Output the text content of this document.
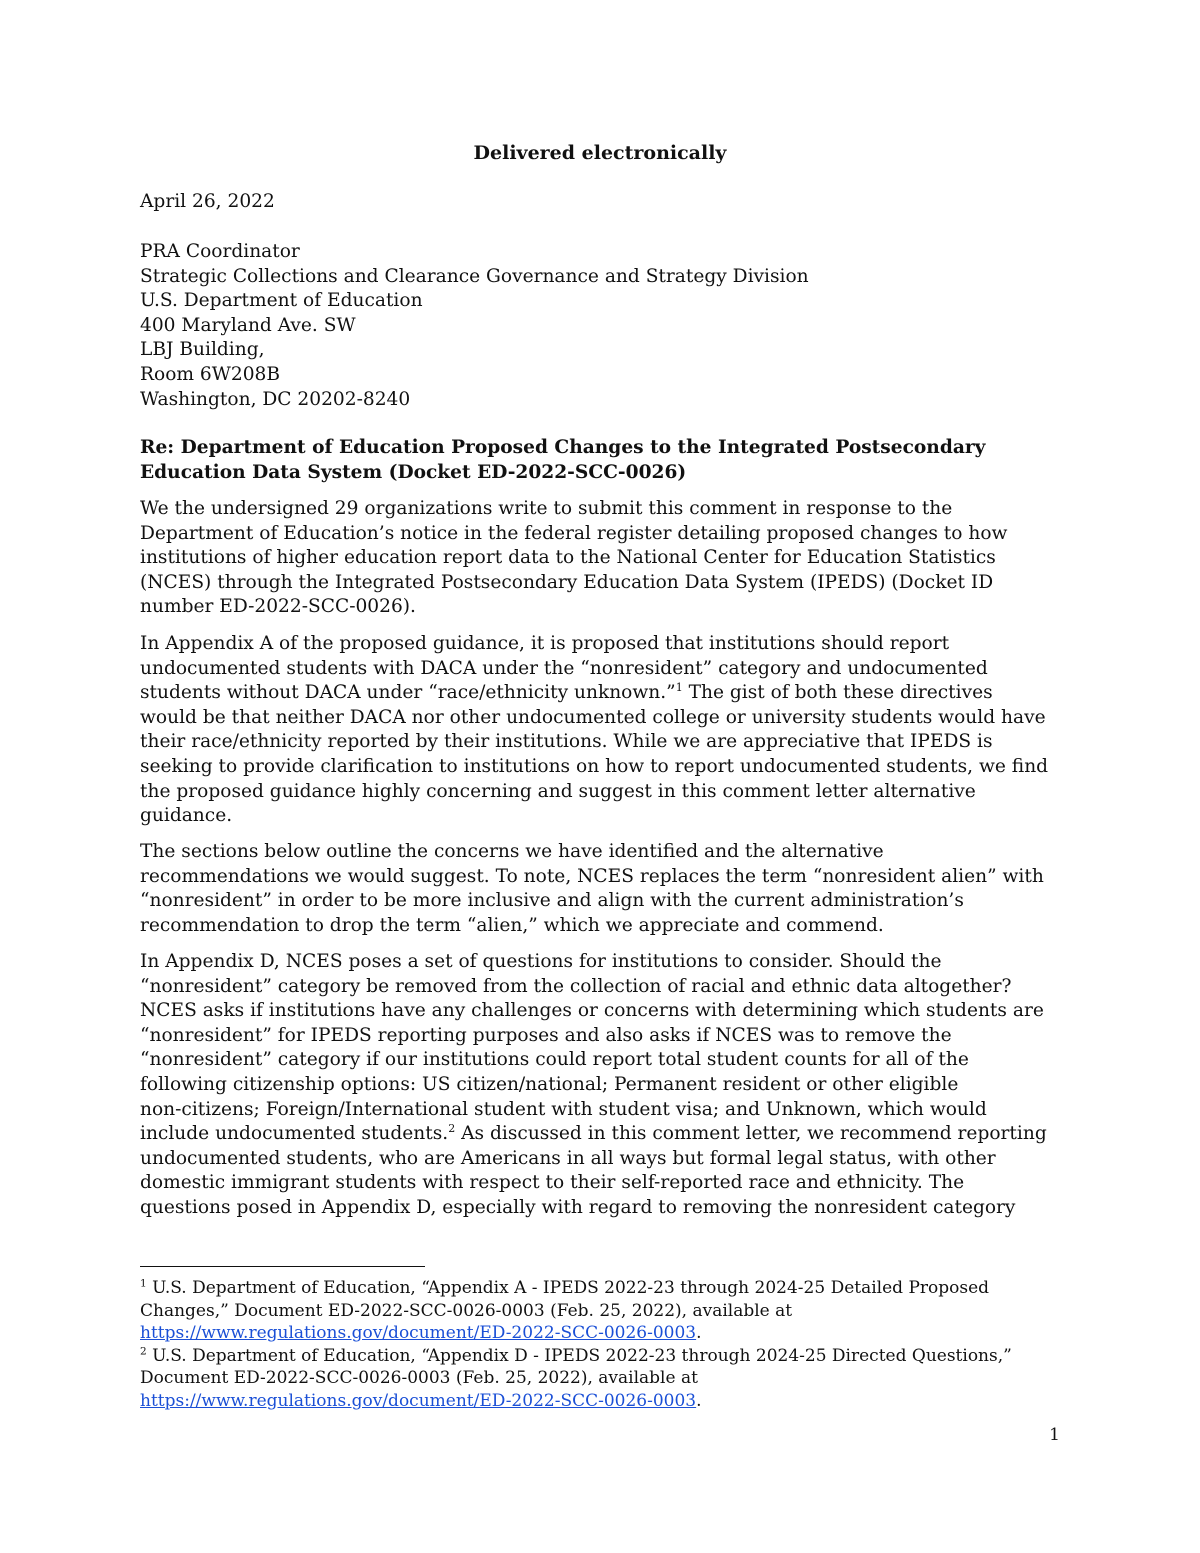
Delivered electronically
April 26, 2022
PRA Coordinator
Strategic Collections and Clearance Governance and Strategy Division
U.S. Department of Education
400 Maryland Ave. SW
LBJ Building,
Room 6W208B
Washington, DC 20202-8240
Re: Department of Education Proposed Changes to the Integrated Postsecondary
Education Data System (Docket ED-2022-SCC-0026)
We the undersigned 29 organizations write to submit this comment in response to the
Department of Education’s notice in the federal register detailing proposed changes to how
institutions of higher education report data to the National Center for Education Statistics
(NCES) through the Integrated Postsecondary Education Data System (IPEDS) (Docket ID
number ED-2022-SCC-0026).
In Appendix A of the proposed guidance, it is proposed that institutions should report
undocumented students with DACA under the “nonresident” category and undocumented
students without DACA under “race/ethnicity unknown.”$^1$ The gist of both these directives
would be that neither DACA nor other undocumented college or university students would have
their race/ethnicity reported by their institutions. While we are appreciative that IPEDS is
seeking to provide clarification to institutions on how to report undocumented students, we find
the proposed guidance highly concerning and suggest in this comment letter alternative
guidance.
The sections below outline the concerns we have identified and the alternative
recommendations we would suggest. To note, NCES replaces the term “nonresident alien” with
“nonresident” in order to be more inclusive and align with the current administration’s
recommendation to drop the term “alien,” which we appreciate and commend.
In Appendix D, NCES poses a set of questions for institutions to consider. Should the
“nonresident” category be removed from the collection of racial and ethnic data altogether?
NCES asks if institutions have any challenges or concerns with determining which students are
“nonresident” for IPEDS reporting purposes and also asks if NCES was to remove the
“nonresident” category if our institutions could report total student counts for all of the
following citizenship options: US citizen/national; Permanent resident or other eligible
non-citizens; Foreign/International student with student visa; and Unknown, which would
include undocumented students.$^2$ As discussed in this comment letter, we recommend reporting
undocumented students, who are Americans in all ways but formal legal status, with other
domestic immigrant students with respect to their self-reported race and ethnicity. The
questions posed in Appendix D, especially with regard to removing the nonresident category
$^1$ U.S. Department of Education, “Appendix A - IPEDS 2022-23 through 2024-25 Detailed Proposed
Changes,” Document ED-2022-SCC-0026-0003 (Feb. 25, 2022), available at
https://www.regulations.gov/document/ED-2022-SCC-0026-0003.
$^2$ U.S. Department of Education, “Appendix D - IPEDS 2022-23 through 2024-25 Directed Questions,”
Document ED-2022-SCC-0026-0003 (Feb. 25, 2022), available at
https://www.regulations.gov/document/ED-2022-SCC-0026-0003.
1
